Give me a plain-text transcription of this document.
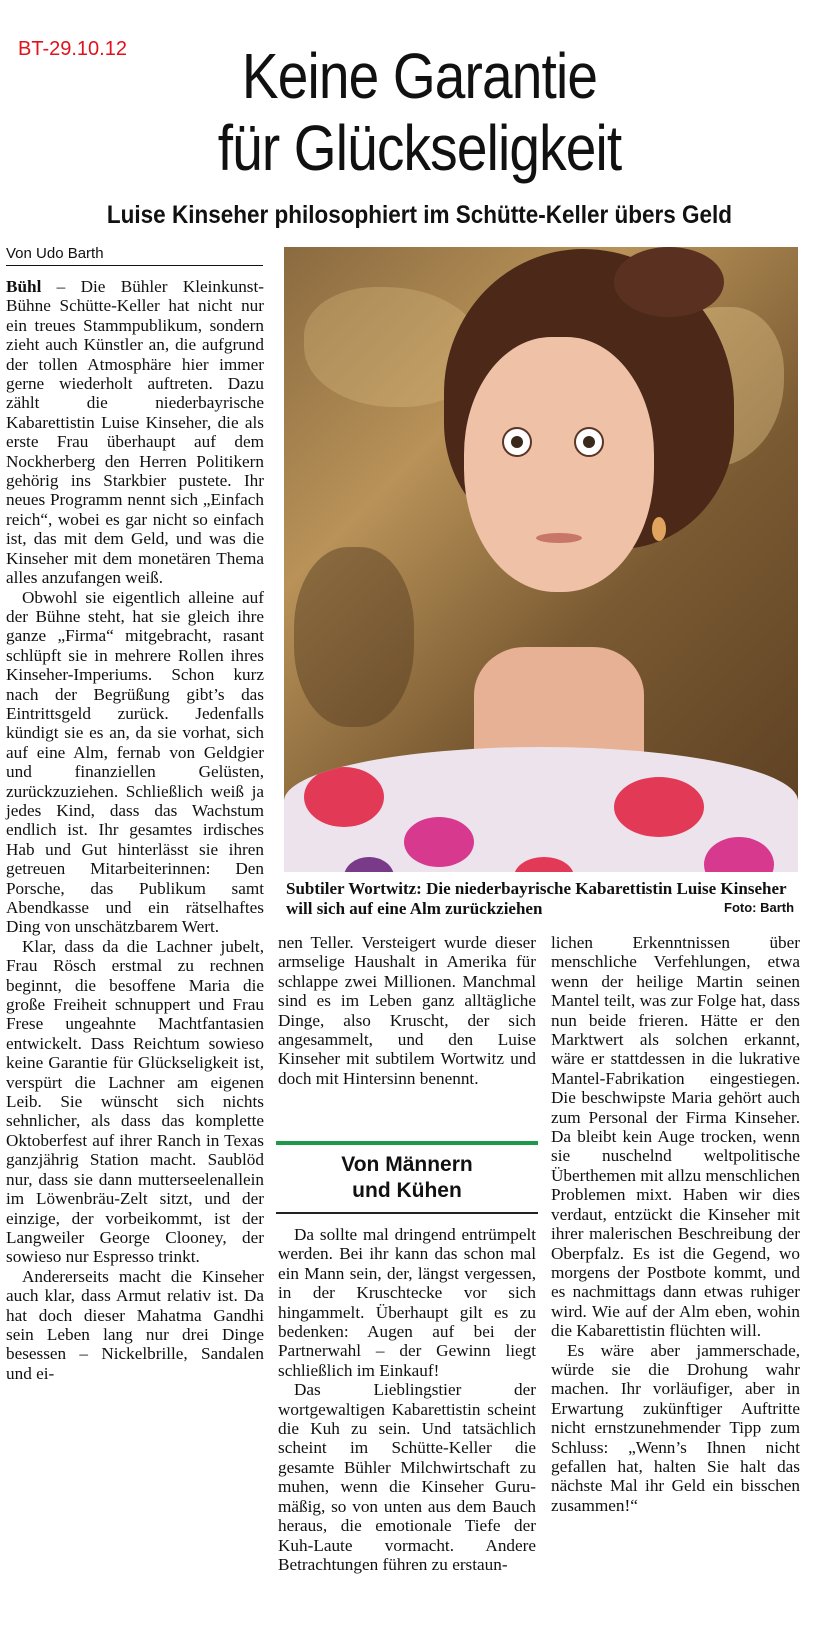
BT-29.10.12	Keine Garantie
für Glückseligkeit
Luise Kinseher philosophiert im Schütte-Keller übers Geld
Von Udo Barth
Subtiler Wortwitz: Die niederbayrische Kabarettistin Luise Kinseher will sich auf eine Alm zurückziehen	Foto: Barth

Bühl – Die Bühler Kleinkunst-Bühne Schütte-Keller hat nicht nur ein treues Stammpublikum, sondern zieht auch Künstler an, die aufgrund der tollen Atmosphäre hier immer gerne wiederholt auftreten. Dazu zählt die niederbayrische Kabarettistin Luise Kinseher, die als erste Frau überhaupt auf dem Nockherberg den Herren Politikern gehörig ins Starkbier pustete. Ihr neues Programm nennt sich „Einfach reich“, wobei es gar nicht so einfach ist, das mit dem Geld, und was die Kinseher mit dem monetären Thema alles anzufangen weiß.

Obwohl sie eigentlich alleine auf der Bühne steht, hat sie gleich ihre ganze „Firma“ mitgebracht, rasant schlüpft sie in mehrere Rollen ihres Kinseher-Imperiums. Schon kurz nach der Begrüßung gibt’s das Eintrittsgeld zurück. Jedenfalls kündigt sie es an, da sie vorhat, sich auf eine Alm, fernab von Geldgier und finanziellen Gelüsten, zurückzuziehen. Schließlich weiß ja jedes Kind, dass das Wachstum endlich ist. Ihr gesamtes irdisches Hab und Gut hinterlässt sie ihren getreuen Mitarbeiterinnen: Den Porsche, das Publikum samt Abendkasse und ein rätselhaftes Ding von unschätzbarem Wert.

Klar, dass da die Lachner jubelt, Frau Rösch erstmal zu rechnen beginnt, die besoffene Maria die große Freiheit schnuppert und Frau Frese ungeahnte Machtfantasien entwickelt. Dass Reichtum sowieso keine Garantie für Glückseligkeit ist, verspürt die Lachner am eigenen Leib. Sie wünscht sich nichts sehnlicher, als dass das komplette Oktoberfest auf ihrer Ranch in Texas ganzjährig Station macht. Saublöd nur, dass sie dann mutterseelenallein im Löwenbräu-Zelt sitzt, und der einzige, der vorbeikommt, ist der Langweiler George Clooney, der sowieso nur Espresso trinkt.

Andererseits macht die Kinseher auch klar, dass Armut relativ ist. Da hat doch dieser Mahatma Gandhi sein Leben lang nur drei Dinge besessen – Nickelbrille, Sandalen und ei-

nen Teller. Versteigert wurde dieser armselige Haushalt in Amerika für schlappe zwei Millionen. Manchmal sind es im Leben ganz alltägliche Dinge, also Kruscht, der sich angesammelt, und den Luise Kinseher mit subtilem Wortwitz und doch mit Hintersinn benennt.

Von Männern
und Kühen

Da sollte mal dringend entrümpelt werden. Bei ihr kann das schon mal ein Mann sein, der, längst vergessen, in der Kruschtecke vor sich hingammelt. Überhaupt gilt es zu bedenken: Augen auf bei der Partnerwahl – der Gewinn liegt schließlich im Einkauf!

Das Lieblingstier der wortgewaltigen Kabarettistin scheint die Kuh zu sein. Und tatsächlich scheint im Schütte-Keller die gesamte Bühler Milchwirtschaft zu muhen, wenn die Kinseher Guru-mäßig, so von unten aus dem Bauch heraus, die emotionale Tiefe der Kuh-Laute vormacht. Andere Betrachtungen führen zu erstaun-

lichen Erkenntnissen über menschliche Verfehlungen, etwa wenn der heilige Martin seinen Mantel teilt, was zur Folge hat, dass nun beide frieren. Hätte er den Marktwert als solchen erkannt, wäre er stattdessen in die lukrative Mantel-Fabrikation eingestiegen. Die beschwipste Maria gehört auch zum Personal der Firma Kinseher. Da bleibt kein Auge trocken, wenn sie nuschelnd weltpolitische Überthemen mit allzu menschlichen Problemen mixt. Haben wir dies verdaut, entzückt die Kinseher mit ihrer malerischen Beschreibung der Oberpfalz. Es ist die Gegend, wo morgens der Postbote kommt, und es nachmittags dann etwas ruhiger wird. Wie auf der Alm eben, wohin die Kabarettistin flüchten will.

Es wäre aber jammerschade, würde sie die Drohung wahr machen. Ihr vorläufiger, aber in Erwartung zukünftiger Auftritte nicht ernstzunehmender Tipp zum Schluss: „Wenn’s Ihnen nicht gefallen hat, halten Sie halt das nächste Mal ihr Geld ein bisschen zusammen!“
